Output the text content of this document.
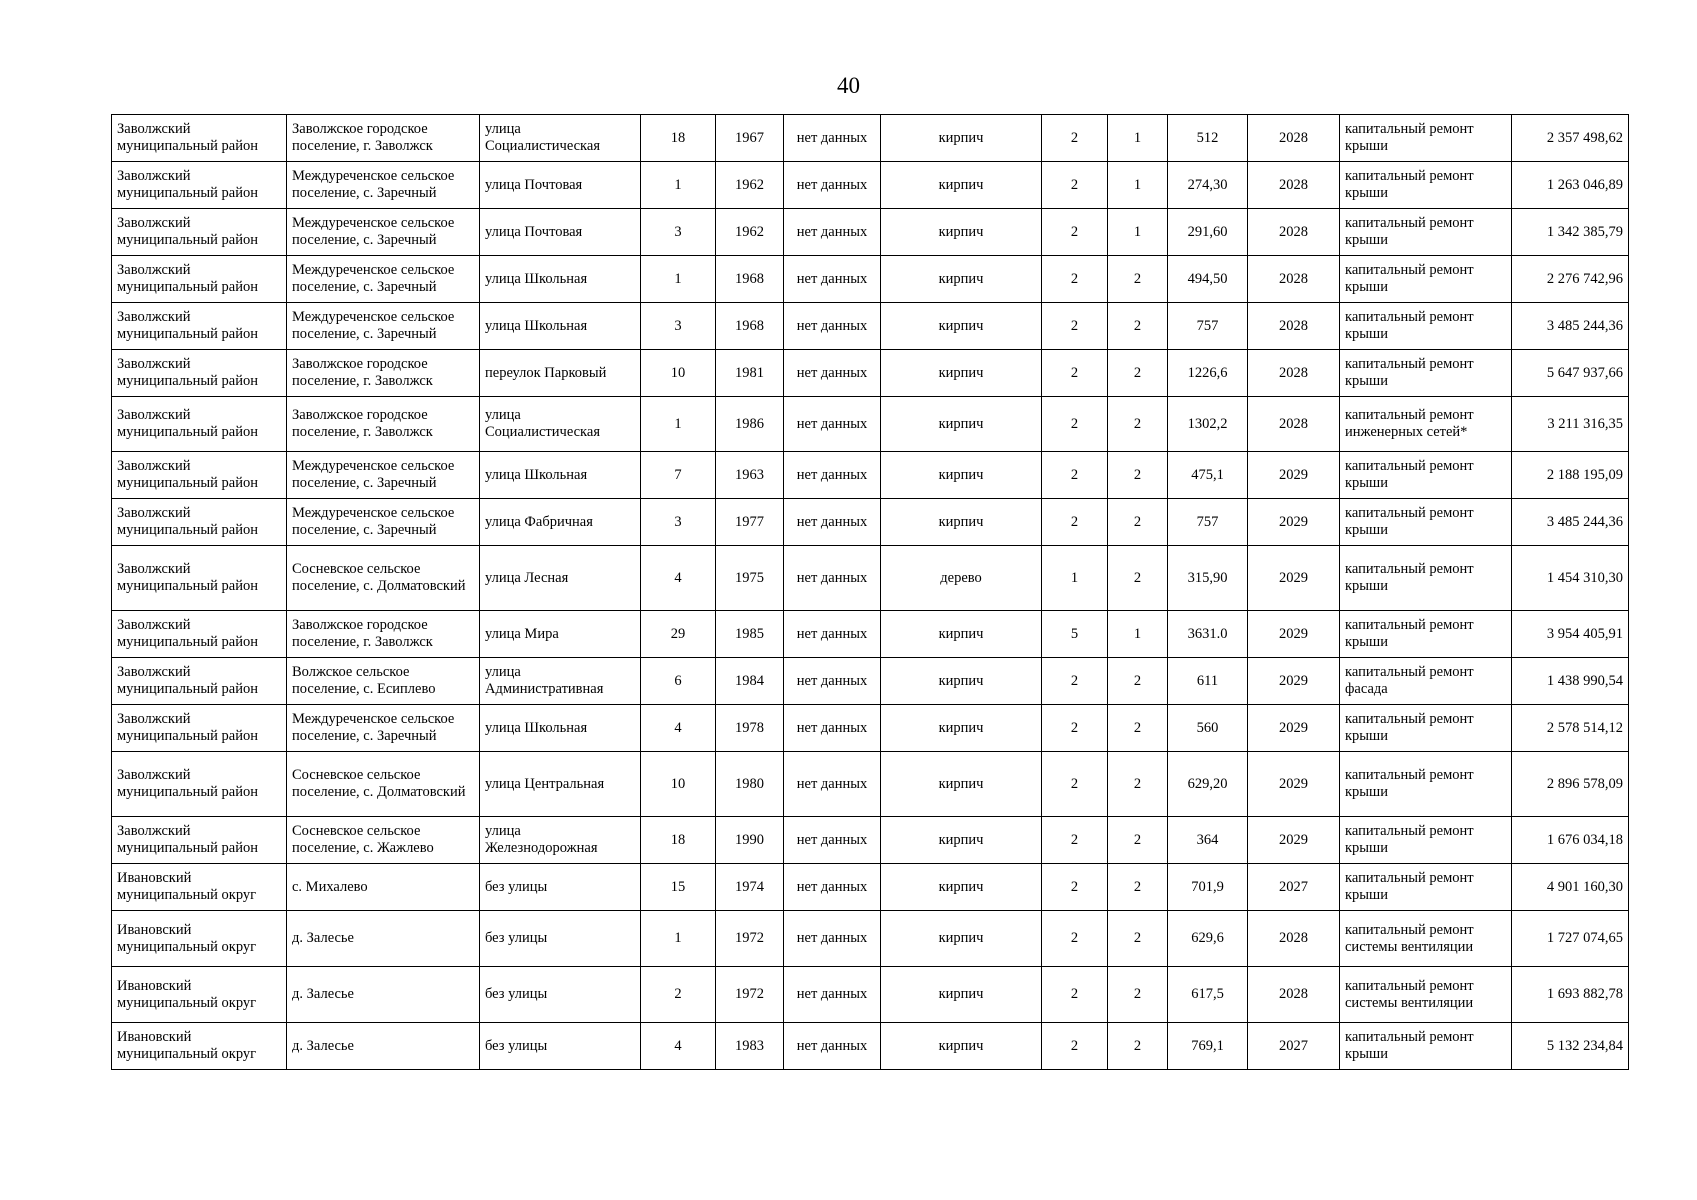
40
Заволжский муниципальный район	Заволжское городское поселение, г. Заволжск	улица Социалистическая	18	1967	нет данных	кирпич	2	1	512	2028	капитальный ремонт крыши	2 357 498,62
Заволжский муниципальный район	Междуреченское сельское поселение, с. Заречный	улица Почтовая	1	1962	нет данных	кирпич	2	1	274,30	2028	капитальный ремонт крыши	1 263 046,89
Заволжский муниципальный район	Междуреченское сельское поселение, с. Заречный	улица Почтовая	3	1962	нет данных	кирпич	2	1	291,60	2028	капитальный ремонт крыши	1 342 385,79
Заволжский муниципальный район	Междуреченское сельское поселение, с. Заречный	улица Школьная	1	1968	нет данных	кирпич	2	2	494,50	2028	капитальный ремонт крыши	2 276 742,96
Заволжский муниципальный район	Междуреченское сельское поселение, с. Заречный	улица Школьная	3	1968	нет данных	кирпич	2	2	757	2028	капитальный ремонт крыши	3 485 244,36
Заволжский муниципальный район	Заволжское городское поселение, г. Заволжск	переулок Парковый	10	1981	нет данных	кирпич	2	2	1226,6	2028	капитальный ремонт крыши	5 647 937,66
Заволжский муниципальный район	Заволжское городское поселение, г. Заволжск	улица Социалистическая	1	1986	нет данных	кирпич	2	2	1302,2	2028	капитальный ремонт инженерных сетей*	3 211 316,35
Заволжский муниципальный район	Междуреченское сельское поселение, с. Заречный	улица Школьная	7	1963	нет данных	кирпич	2	2	475,1	2029	капитальный ремонт крыши	2 188 195,09
Заволжский муниципальный район	Междуреченское сельское поселение, с. Заречный	улица Фабричная	3	1977	нет данных	кирпич	2	2	757	2029	капитальный ремонт крыши	3 485 244,36
Заволжский муниципальный район	Сосневское сельское поселение, с. Долматовский	улица Лесная	4	1975	нет данных	дерево	1	2	315,90	2029	капитальный ремонт крыши	1 454 310,30
Заволжский муниципальный район	Заволжское городское поселение, г. Заволжск	улица Мира	29	1985	нет данных	кирпич	5	1	3631.0	2029	капитальный ремонт крыши	3 954 405,91
Заволжский муниципальный район	Волжское сельское поселение, с. Есиплево	улица Административная	6	1984	нет данных	кирпич	2	2	611	2029	капитальный ремонт фасада	1 438 990,54
Заволжский муниципальный район	Междуреченское сельское поселение, с. Заречный	улица Школьная	4	1978	нет данных	кирпич	2	2	560	2029	капитальный ремонт крыши	2 578 514,12
Заволжский муниципальный район	Сосневское сельское поселение, с. Долматовский	улица Центральная	10	1980	нет данных	кирпич	2	2	629,20	2029	капитальный ремонт крыши	2 896 578,09
Заволжский муниципальный район	Сосневское сельское поселение, с. Жажлево	улица Железнодорожная	18	1990	нет данных	кирпич	2	2	364	2029	капитальный ремонт крыши	1 676 034,18
Ивановский муниципальный округ	с. Михалево	без улицы	15	1974	нет данных	кирпич	2	2	701,9	2027	капитальный ремонт крыши	4 901 160,30
Ивановский муниципальный округ	д. Залесье	без улицы	1	1972	нет данных	кирпич	2	2	629,6	2028	капитальный ремонт системы вентиляции	1 727 074,65
Ивановский муниципальный округ	д. Залесье	без улицы	2	1972	нет данных	кирпич	2	2	617,5	2028	капитальный ремонт системы вентиляции	1 693 882,78
Ивановский муниципальный округ	д. Залесье	без улицы	4	1983	нет данных	кирпич	2	2	769,1	2027	капитальный ремонт крыши	5 132 234,84
